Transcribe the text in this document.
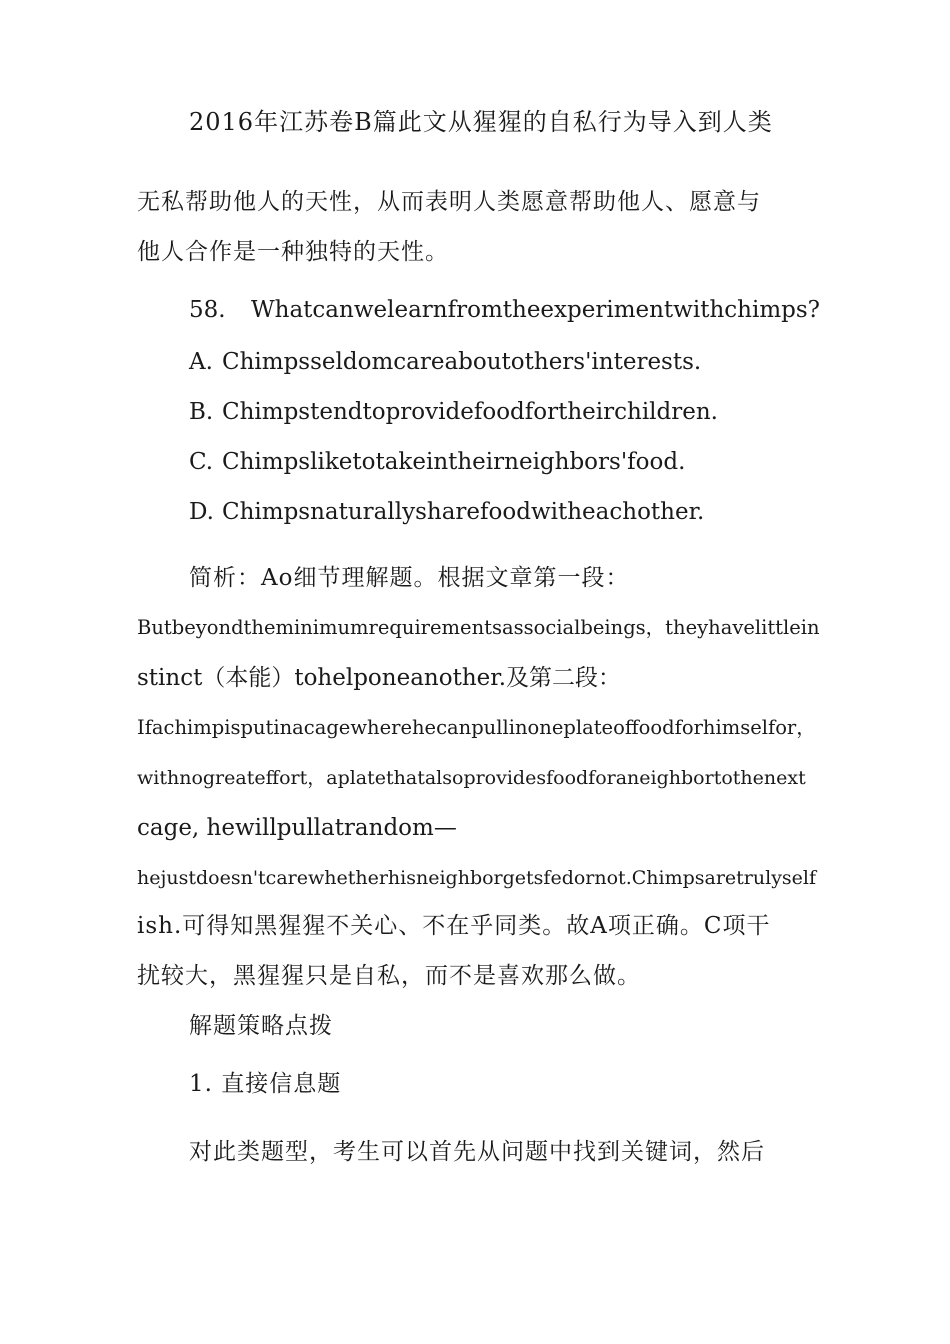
2016年江苏卷B篇此文从猩猩的自私行为导入到人类
无私帮助他人的天性，从而表明人类愿意帮助他人、愿意与
他人合作是一种独特的天性。
58. Whatcanwelearnfromtheexperimentwithchimps?
A. Chimpsseldomcareaboutothers'interests.
B. Chimpstendtoprovidefoodfortheirchildren.
C. Chimpsliketotakeintheirneighbors'food.
D. Chimpsnaturallysharefoodwitheachother.
简析：Ao细节理解题。根据文章第一段：
Butbeyondtheminimumrequirementsassocialbeings，theyhavelittlein
stinct（本能）tohelponeanother.及第二段：
Ifachimpisputinacagewherehecanpullinoneplateoffoodforhimselfor，
withnogreateffort，aplatethatalsoprovidesfoodforaneighbortothenext
cage, hewillpullatrandom—
hejustdoesn'tcarewhetherhisneighborgetsfedornot.Chimpsaretrulyself
ish.可得知黑猩猩不关心、不在乎同类。故A项正确。C项干
扰较大，黑猩猩只是自私，而不是喜欢那么做。
解题策略点拨
1. 直接信息题
对此类题型，考生可以首先从问题中找到关键词，然后
